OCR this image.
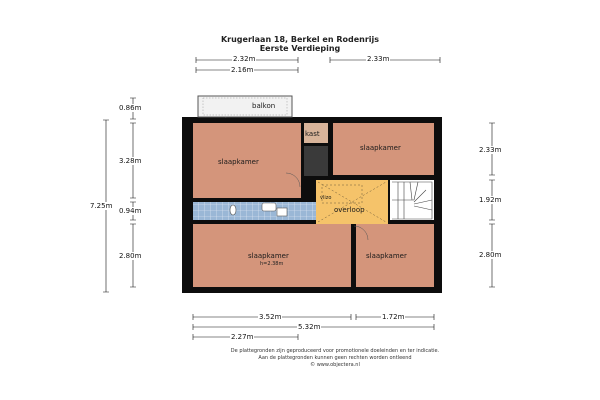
Krugerlaan 18, Berkel en Rodenrijs
Eerste Verdieping
balkon
kast
slaapkamer
slaapkamer
vlizo
overloop
slaapkamer
h=2.38m
slaapkamer
2.32m
2.16m
2.33m
0.86m
3.28m
7.25m
0.94m
2.80m
2.33m
1.92m
2.80m
3.52m	1.72m
5.32m
2.27m
De plattegronden zijn geproduceerd voor promotionele doeleinden en ter indicatie.
Aan de plattegronden kunnen geen rechten worden ontleend
© www.objectera.nl
